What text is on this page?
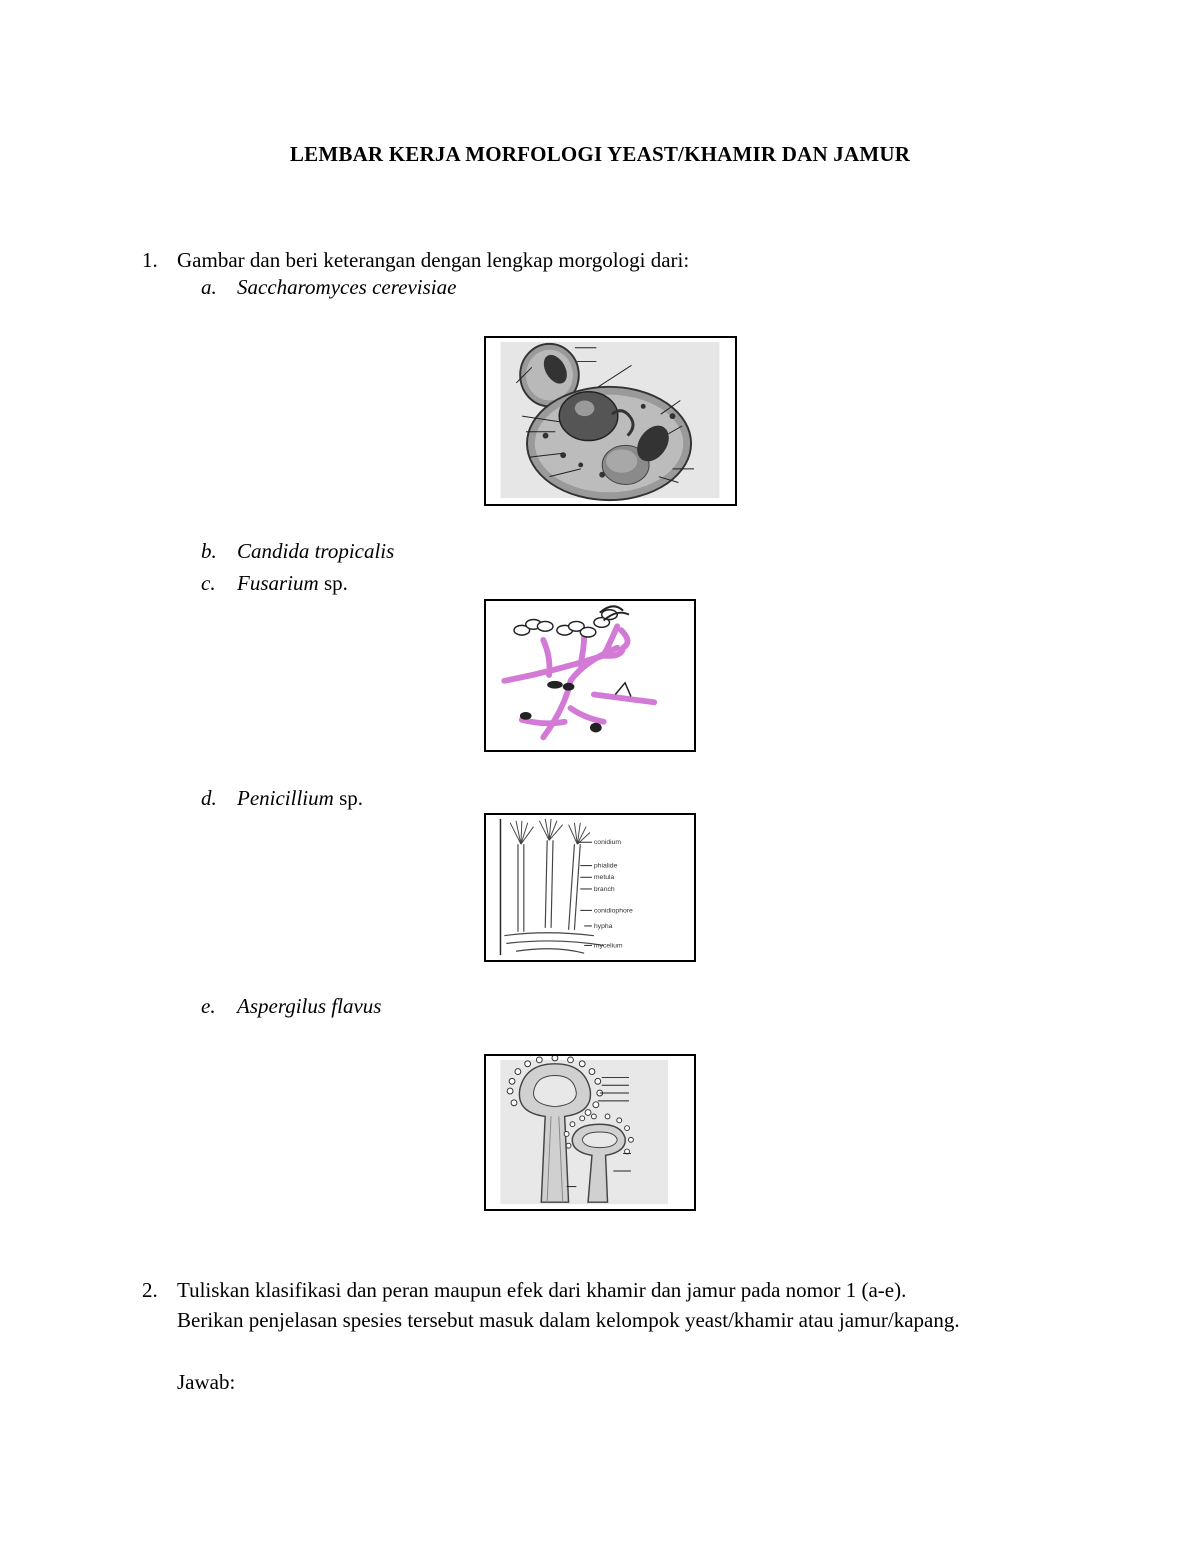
LEMBAR KERJA MORFOLOGI YEAST/KHAMIR DAN JAMUR
1. Gambar dan beri keterangan dengan lengkap morgologi dari:
a. Saccharomyces cerevisiae
b. Candida tropicalis
c. Fusarium sp.
d. Penicillium sp.
conidium
phialide
metula
branch
conidiophore
hypha
mycelium
e. Aspergilus flavus
2. Tuliskan klasifikasi dan peran maupun efek dari khamir dan jamur pada nomor 1 (a-e).
Berikan penjelasan spesies tersebut masuk dalam kelompok yeast/khamir atau jamur/kapang.
Jawab:
